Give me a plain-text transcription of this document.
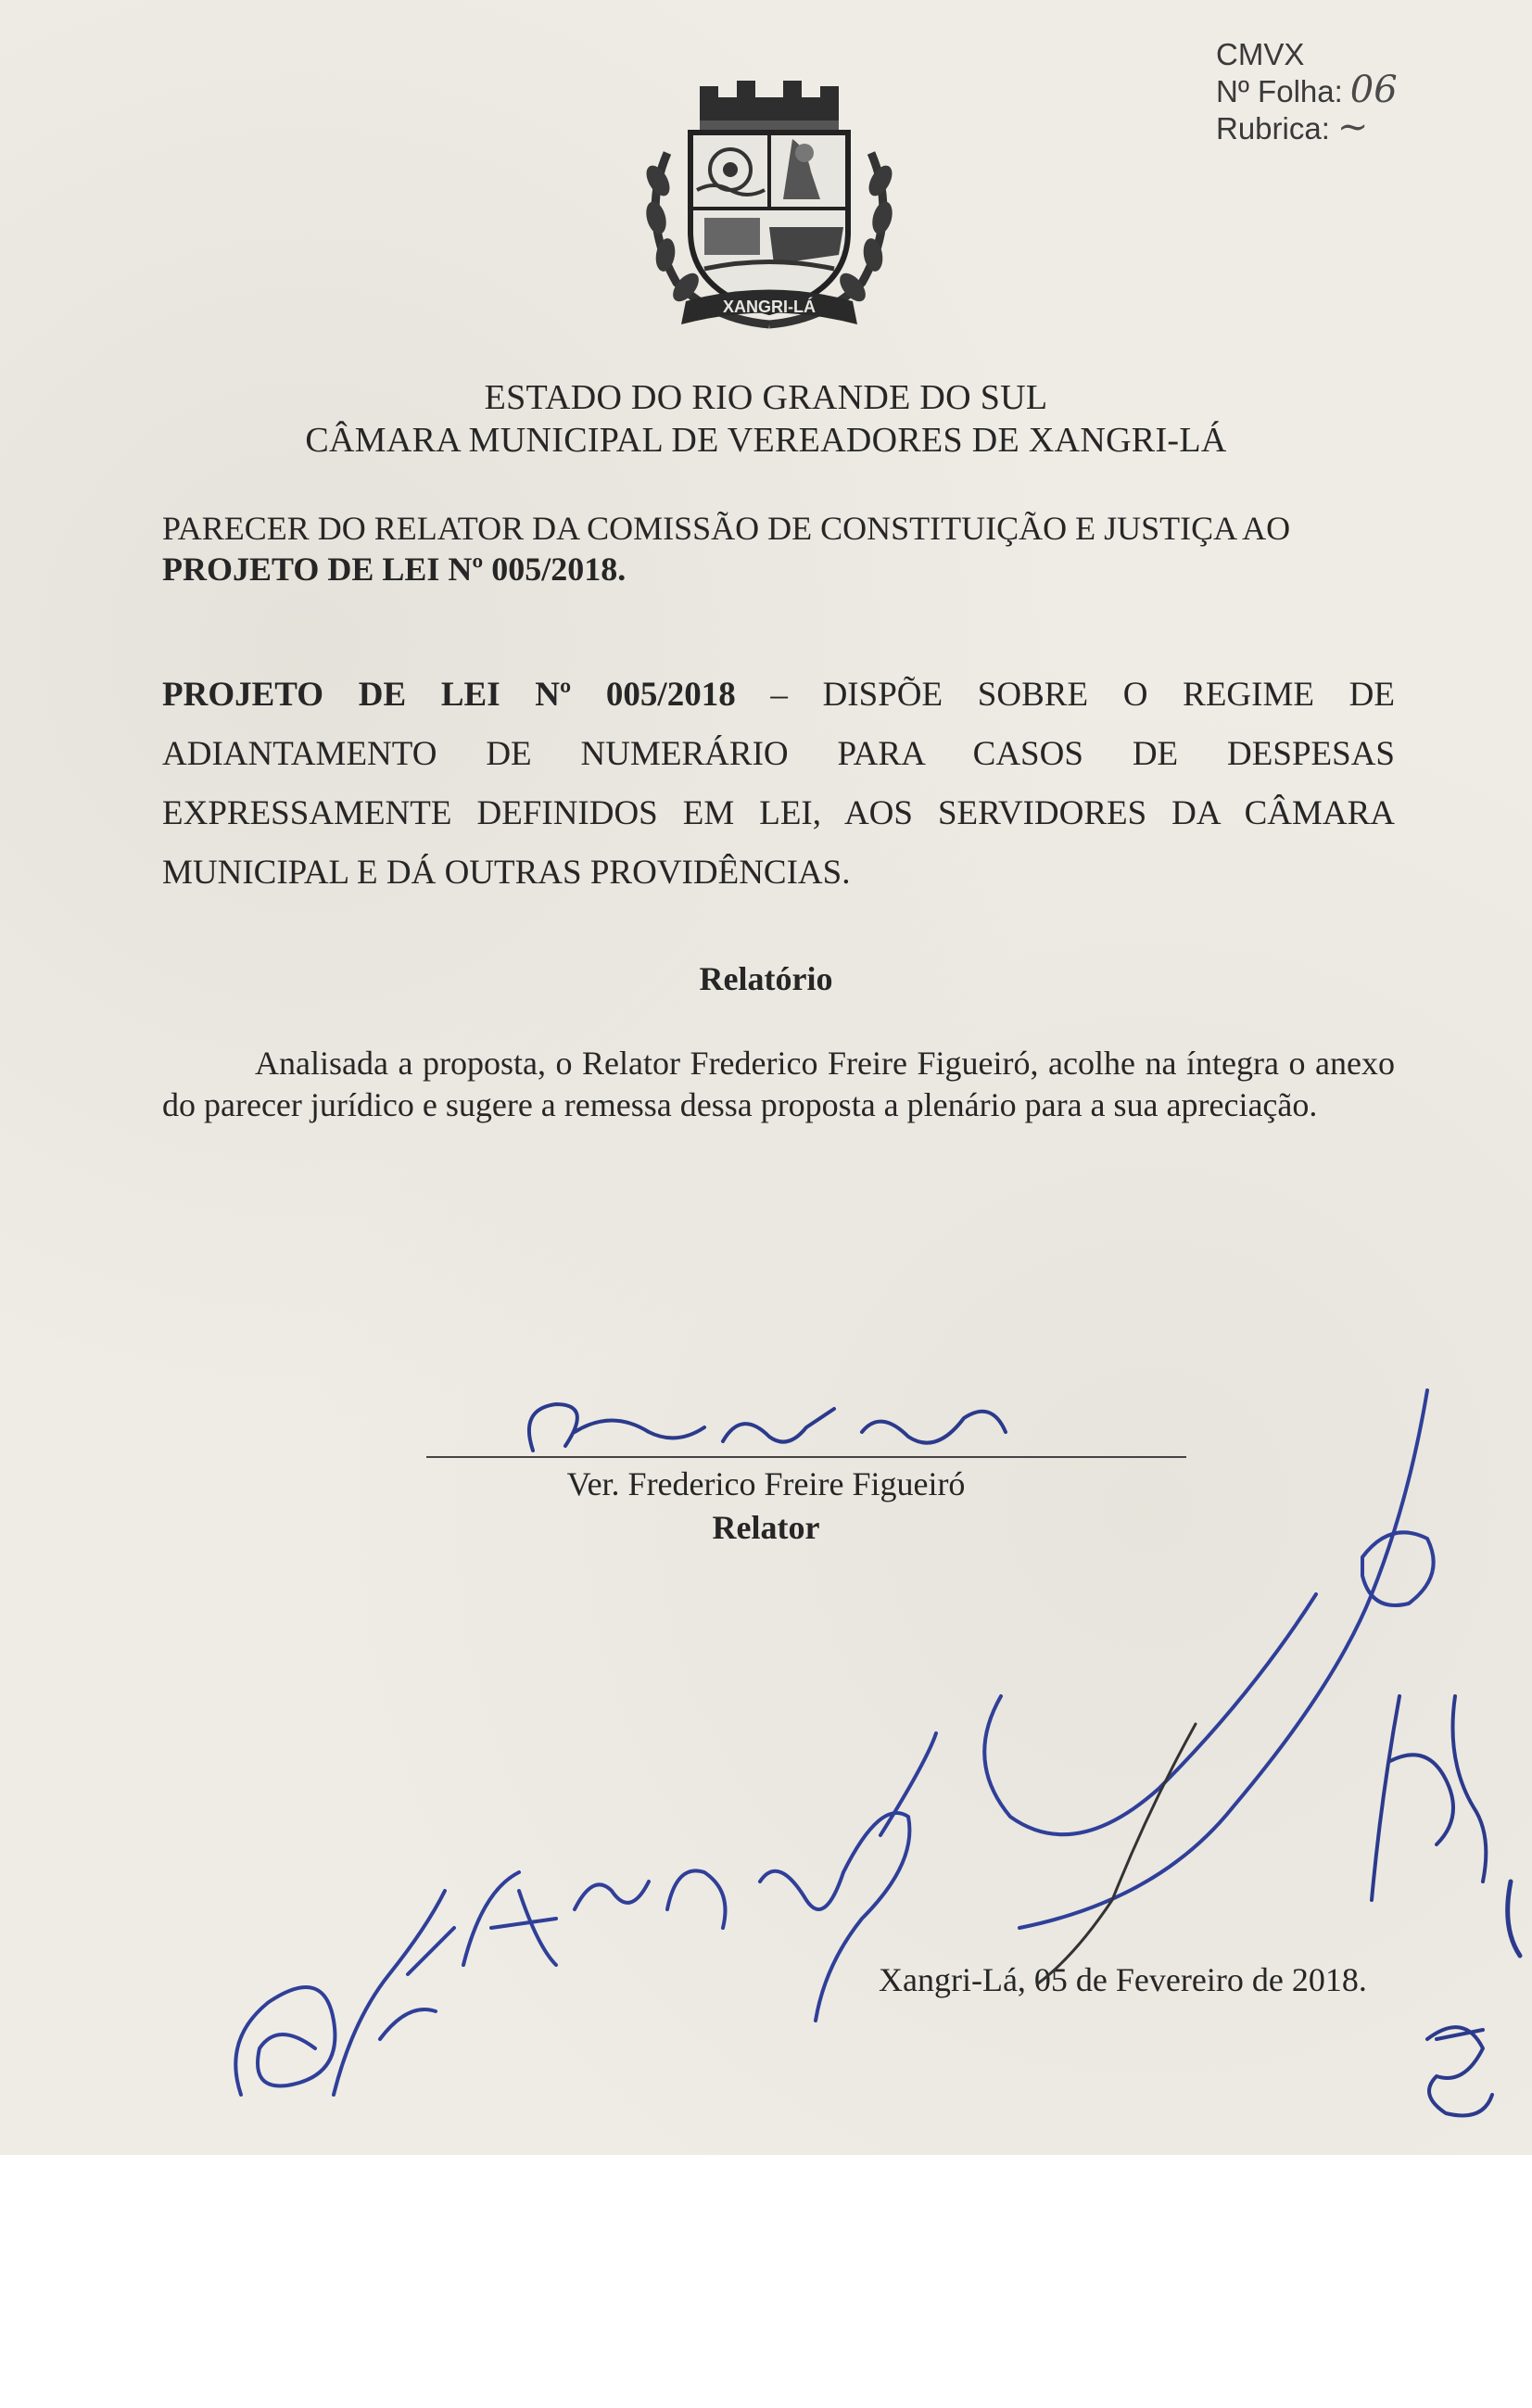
CMVX
Nº Folha: 06
Rubrica: ~
XANGRI-LÁ
ESTADO DO RIO GRANDE DO SUL
CÂMARA MUNICIPAL DE VEREADORES DE XANGRI-LÁ
PARECER DO RELATOR DA COMISSÃO DE CONSTITUIÇÃO E JUSTIÇA AO
PROJETO DE LEI Nº 005/2018.
PROJETO DE LEI Nº 005/2018 – DISPÕE SOBRE O REGIME DE ADIANTAMENTO DE NUMERÁRIO PARA CASOS DE DESPESAS EXPRESSAMENTE DEFINIDOS EM LEI, AOS SERVIDORES DA CÂMARA MUNICIPAL E DÁ OUTRAS PROVIDÊNCIAS.
Relatório
Analisada a proposta, o Relator Frederico Freire Figueiró, acolhe na íntegra o anexo do parecer jurídico e sugere a remessa dessa proposta a plenário para a sua apreciação.
Ver. Frederico Freire Figueiró
Relator
Xangri-Lá, 05 de Fevereiro de 2018.
